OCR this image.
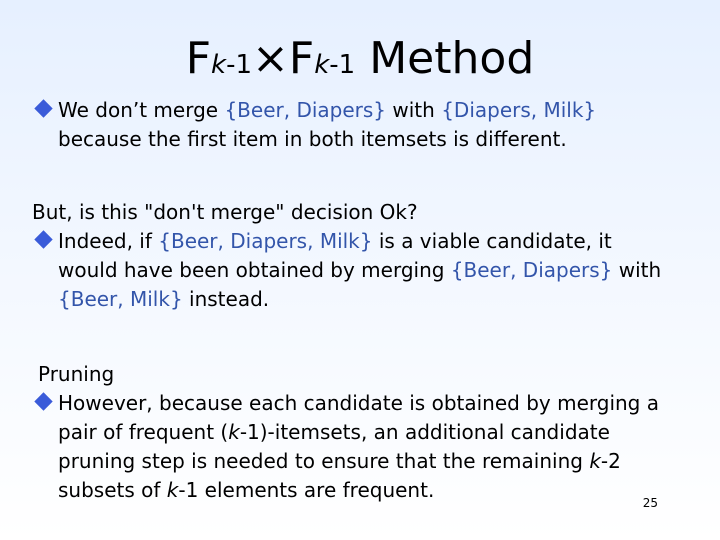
Fk-1×Fk-1 Method
We don’t merge {Beer, Diapers} with {Diapers, Milk}
because the first item in both itemsets is different.
But, is this "don't merge" decision Ok?
Indeed, if {Beer, Diapers, Milk} is a viable candidate, it
would have been obtained by merging {Beer, Diapers} with
{Beer, Milk} instead.
Pruning
However, because each candidate is obtained by merging a
pair of frequent (k-1)-itemsets, an additional candidate
pruning step is needed to ensure that the remaining k-2
subsets of k-1 elements are frequent.
25
